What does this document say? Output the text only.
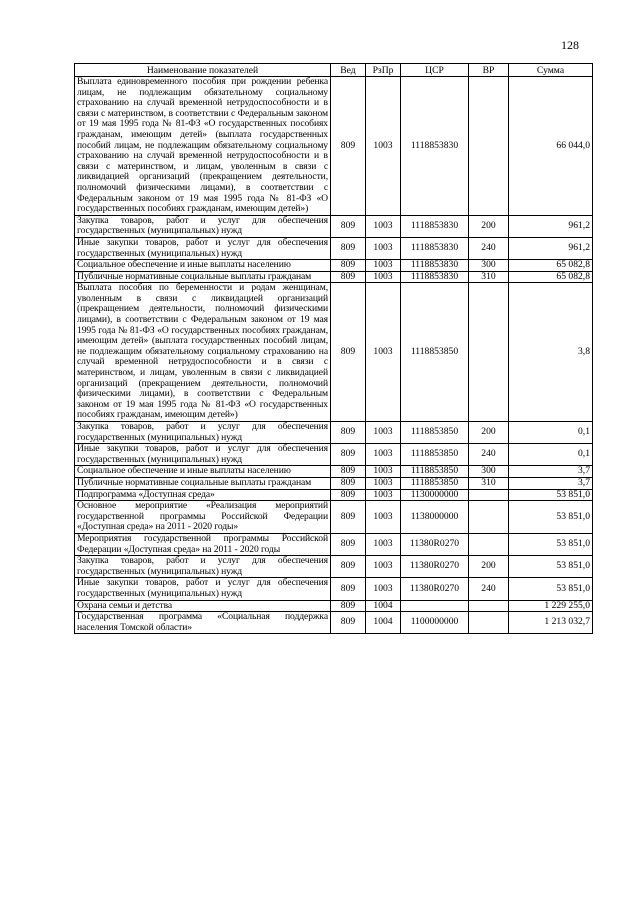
128
Наименование показателей	Вед	РзПр	ЦСР	ВР	Сумма
Выплата единовременного пособия при рождении ребенка лицам, не подлежащим обязательному социальному страхованию на случай временной нетрудоспособности и в связи с материнством, в соответствии с Федеральным законом от 19 мая 1995 года № 81-ФЗ «О государственных пособиях гражданам, имеющим детей» (выплата государственных пособий лицам, не подлежащим обязательному социальному страхованию на случай временной нетрудоспособности и в связи с материнством, и лицам, уволенным в связи с ликвидацией организаций (прекращением деятельности, полномочий физическими лицами), в соответствии с Федеральным законом от 19 мая 1995 года № 81-ФЗ «О государственных пособиях гражданам, имеющим детей»)	809	1003	1118853830		66 044,0
Закупка товаров, работ и услуг для обеспечения государственных (муниципальных) нужд	809	1003	1118853830	200	961,2
Иные закупки товаров, работ и услуг для обеспечения государственных (муниципальных) нужд	809	1003	1118853830	240	961,2
Социальное обеспечение и иные выплаты населению	809	1003	1118853830	300	65 082,8
Публичные нормативные социальные выплаты гражданам	809	1003	1118853830	310	65 082,8
Выплата пособия по беременности и родам женщинам, уволенным в связи с ликвидацией организаций (прекращением деятельности, полномочий физическими лицами), в соответствии с Федеральным законом от 19 мая 1995 года № 81-ФЗ «О государственных пособиях гражданам, имеющим детей» (выплата государственных пособий лицам, не подлежащим обязательному социальному страхованию на случай временной нетрудоспособности и в связи с материнством, и лицам, уволенным в связи с ликвидацией организаций (прекращением деятельности, полномочий физическими лицами), в соответствии с Федеральным законом от 19 мая 1995 года № 81-ФЗ «О государственных пособиях гражданам, имеющим детей»)	809	1003	1118853850		3,8
Закупка товаров, работ и услуг для обеспечения государственных (муниципальных) нужд	809	1003	1118853850	200	0,1
Иные закупки товаров, работ и услуг для обеспечения государственных (муниципальных) нужд	809	1003	1118853850	240	0,1
Социальное обеспечение и иные выплаты населению	809	1003	1118853850	300	3,7
Публичные нормативные социальные выплаты гражданам	809	1003	1118853850	310	3,7
Подпрограмма «Доступная среда»	809	1003	1130000000		53 851,0
Основное мероприятие «Реализация мероприятий государственной программы Российской Федерации «Доступная среда» на 2011 - 2020 годы»	809	1003	1138000000		53 851,0
Мероприятия государственной программы Российской Федерации «Доступная среда» на 2011 - 2020 годы	809	1003	11380R0270		53 851,0
Закупка товаров, работ и услуг для обеспечения государственных (муниципальных) нужд	809	1003	11380R0270	200	53 851,0
Иные закупки товаров, работ и услуг для обеспечения государственных (муниципальных) нужд	809	1003	11380R0270	240	53 851,0
Охрана семьи и детства	809	1004			1 229 255,0
Государственная программа «Социальная поддержка населения Томской области»	809	1004	1100000000		1 213 032,7
